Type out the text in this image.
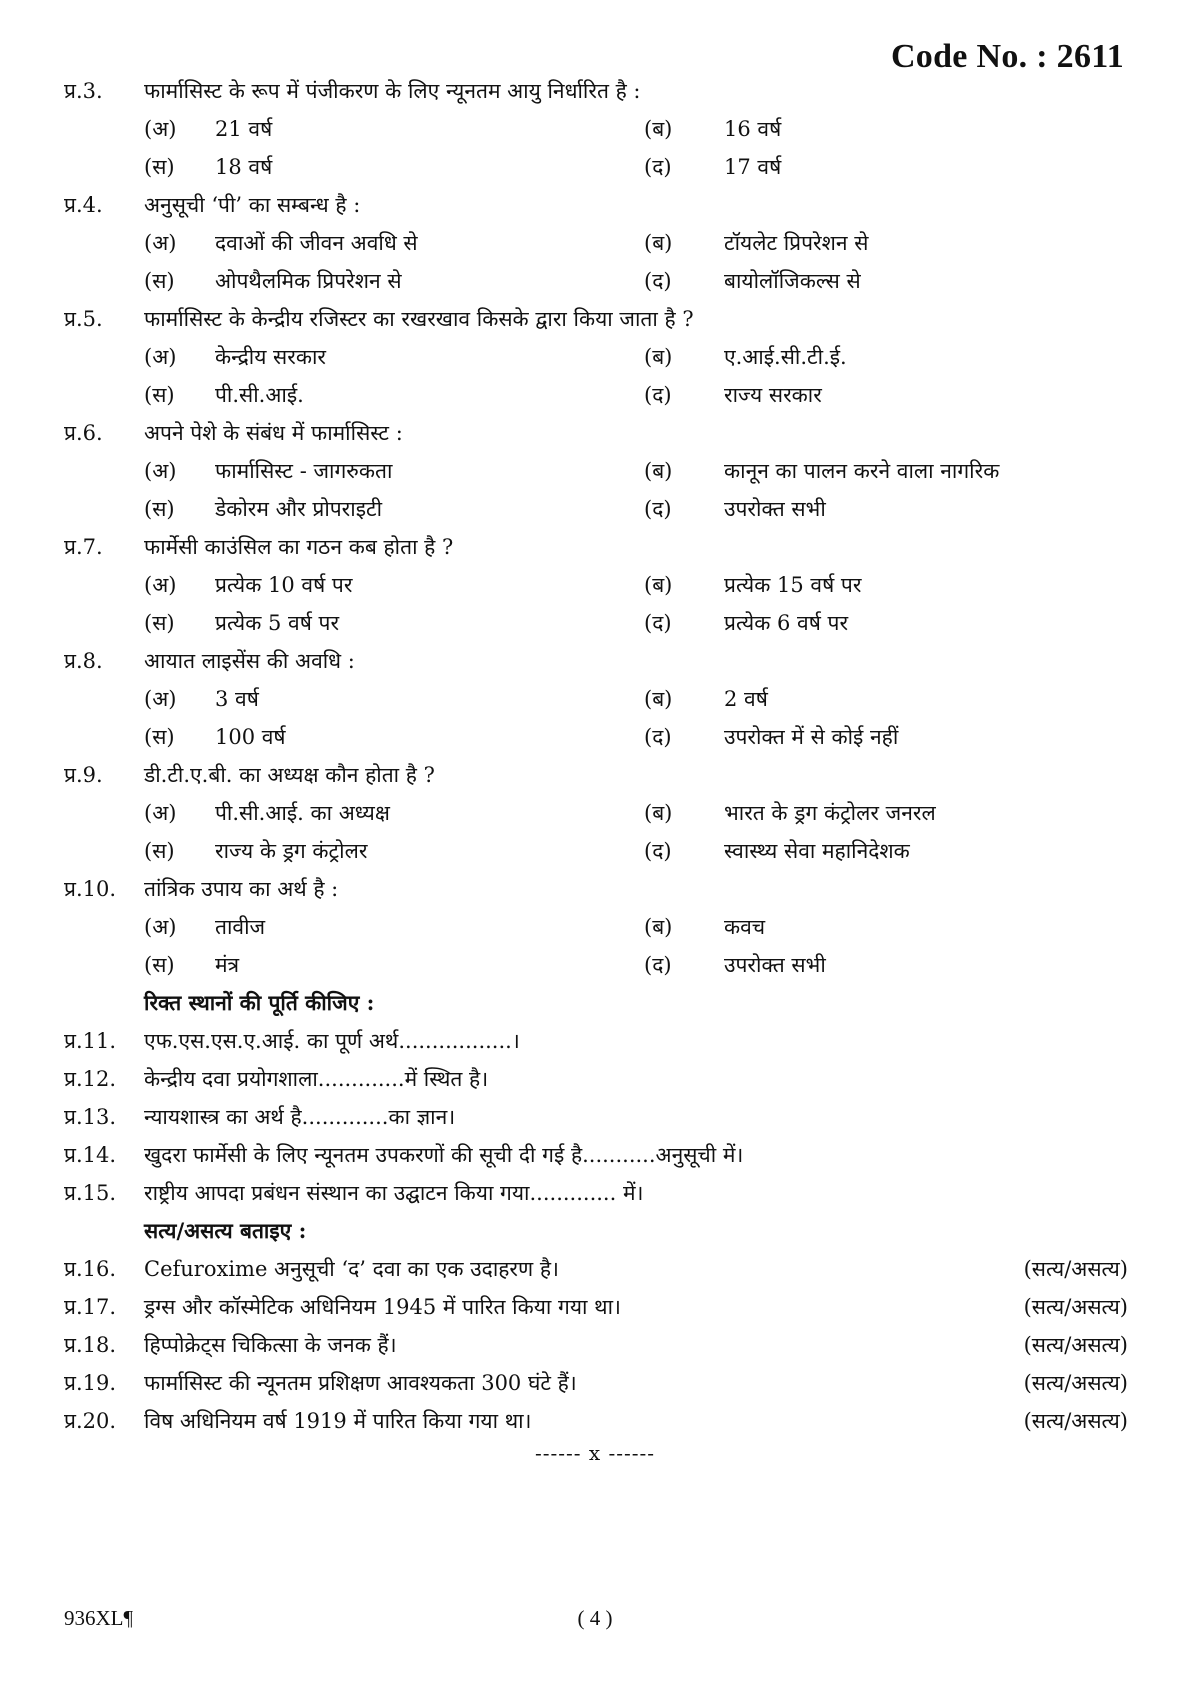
Code No. : 2611
प्र.3. फार्मासिस्ट के रूप में पंजीकरण के लिए न्यूनतम आयु निर्धारित है :
(अ) 21 वर्ष	(ब) 16 वर्ष
(स) 18 वर्ष	(द) 17 वर्ष
प्र.4. अनुसूची ‘पी’ का सम्बन्ध है :
(अ) दवाओं की जीवन अवधि से	(ब) टॉयलेट प्रिपरेशन से
(स) ओपथैलमिक प्रिपरेशन से	(द) बायोलॉजिकल्स से
प्र.5. फार्मासिस्ट के केन्द्रीय रजिस्टर का रखरखाव किसके द्वारा किया जाता है ?
(अ) केन्द्रीय सरकार	(ब) ए.आई.सी.टी.ई.
(स) पी.सी.आई.	(द) राज्य सरकार
प्र.6. अपने पेशे के संबंध में फार्मासिस्ट :
(अ) फार्मासिस्ट - जागरुकता	(ब) कानून का पालन करने वाला नागरिक
(स) डेकोरम और प्रोपराइटी	(द) उपरोक्त सभी
प्र.7. फार्मेसी काउंसिल का गठन कब होता है ?
(अ) प्रत्येक 10 वर्ष पर	(ब) प्रत्येक 15 वर्ष पर
(स) प्रत्येक 5 वर्ष पर	(द) प्रत्येक 6 वर्ष पर
प्र.8. आयात लाइसेंस की अवधि :
(अ) 3 वर्ष	(ब) 2 वर्ष
(स) 100 वर्ष	(द) उपरोक्त में से कोई नहीं
प्र.9. डी.टी.ए.बी. का अध्यक्ष कौन होता है ?
(अ) पी.सी.आई. का अध्यक्ष	(ब) भारत के ड्रग कंट्रोलर जनरल
(स) राज्य के ड्रग कंट्रोलर	(द) स्वास्थ्य सेवा महानिदेशक
प्र.10. तांत्रिक उपाय का अर्थ है :
(अ) तावीज	(ब) कवच
(स) मंत्र	(द) उपरोक्त सभी
रिक्त स्थानों की पूर्ति कीजिए :
प्र.11. एफ.एस.एस.ए.आई. का पूर्ण अर्थ.................।
प्र.12. केन्द्रीय दवा प्रयोगशाला.............में स्थित है।
प्र.13. न्यायशास्त्र का अर्थ है.............का ज्ञान।
प्र.14. खुदरा फार्मेसी के लिए न्यूनतम उपकरणों की सूची दी गई है...........अनुसूची में।
प्र.15. राष्ट्रीय आपदा प्रबंधन संस्थान का उद्घाटन किया गया............. में।
सत्य/असत्य बताइए :
प्र.16. Cefuroxime अनुसूची ‘द’ दवा का एक उदाहरण है।	(सत्य/असत्य)
प्र.17. ड्रग्स और कॉस्मेटिक अधिनियम 1945 में पारित किया गया था।	(सत्य/असत्य)
प्र.18. हिप्पोक्रेट्स चिकित्सा के जनक हैं।	(सत्य/असत्य)
प्र.19. फार्मासिस्ट की न्यूनतम प्रशिक्षण आवश्यकता 300 घंटे हैं।	(सत्य/असत्य)
प्र.20. विष अधिनियम वर्ष 1919 में पारित किया गया था।	(सत्य/असत्य)
------ x ------
936XL¶	( 4 )
